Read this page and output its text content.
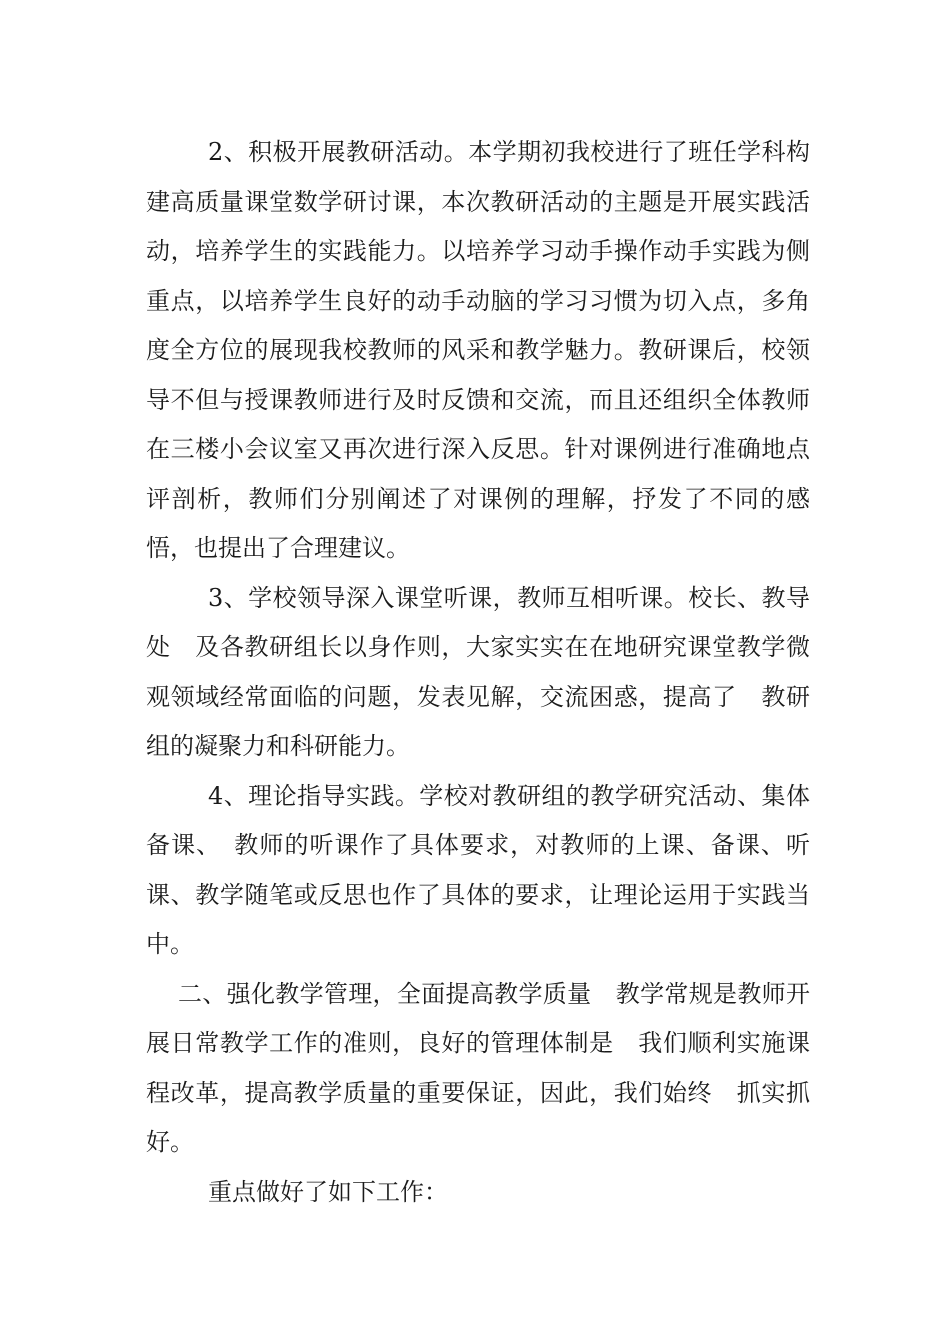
2、积极开展教研活动。本学期初我校进行了班任学科构建高质量课堂数学研讨课，本次教研活动的主题是开展实践活动，培养学生的实践能力。以培养学习动手操作动手实践为侧重点，以培养学生良好的动手动脑的学习习惯为切入点，多角度全方位的展现我校教师的风采和教学魅力。教研课后，校领导不但与授课教师进行及时反馈和交流，而且还组织全体教师在三楼小会议室又再次进行深入反思。针对课例进行准确地点评剖析，教师们分别阐述了对课例的理解，抒发了不同的感悟，也提出了合理建议。

3、学校领导深入课堂听课，教师互相听课。校长、教导处　及各教研组长以身作则，大家实实在在地研究课堂教学微观领域经常面临的问题，发表见解，交流困惑，提高了　教研组的凝聚力和科研能力。

4、理论指导实践。学校对教研组的教学研究活动、集体备课、　教师的听课作了具体要求，对教师的上课、备课、听课、教学随笔或反思也作了具体的要求，让理论运用于实践当中。

二、强化教学管理，全面提高教学质量　教学常规是教师开展日常教学工作的准则，良好的管理体制是　我们顺利实施课程改革，提高教学质量的重要保证，因此，我们始终　抓实抓好。

重点做好了如下工作：
